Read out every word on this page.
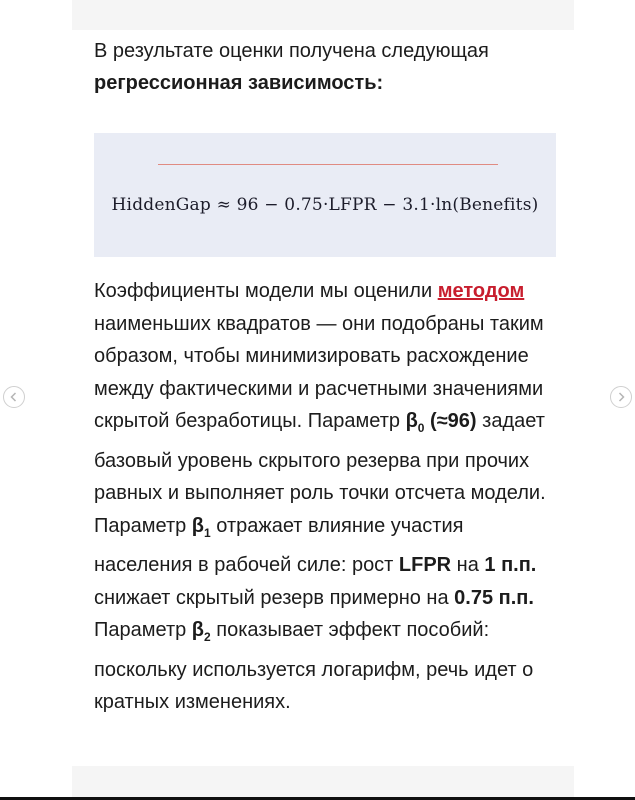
В результате оценки получена следующая
регрессионная зависимость:

HiddenGap ≈ 96 − 0.75·LFPR − 3.1·ln(Benefits)

Коэффициенты модели мы оценили методом наименьших квадратов — они подобраны таким образом, чтобы минимизировать расхождение между фактическими и расчетными значениями скрытой безработицы. Параметр $\beta_0$ (≈96) задает базовый уровень скрытого резерва при прочих равных и выполняет роль точки отсчета модели. Параметр $\beta_1$ отражает влияние участия населения в рабочей силе: рост LFPR на 1 п.п. снижает скрытый резерв примерно на 0.75 п.п. Параметр $\beta_2$ показывает эффект пособий: поскольку используется логарифм, речь идет о кратных изменениях.
